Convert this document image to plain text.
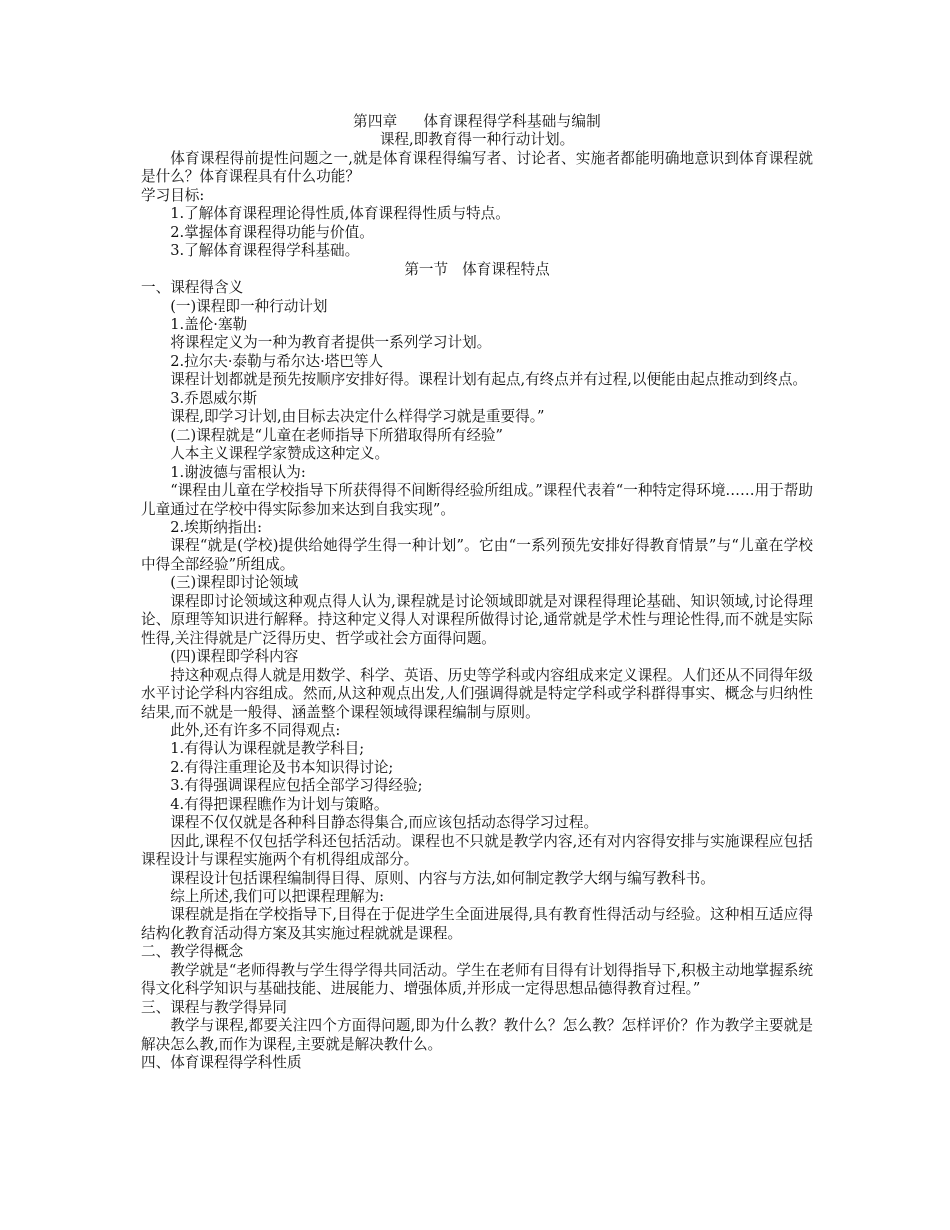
第四章 体育课程得学科基础与编制

课程,即教育得一种行动计划。

体育课程得前提性问题之一,就是体育课程得编写者、讨论者、实施者都能明确地意识到体育课程就是什么？体育课程具有什么功能？

学习目标:

1.了解体育课程理论得性质,体育课程得性质与特点。

2.掌握体育课程得功能与价值。

3.了解体育课程得学科基础。

第一节 体育课程特点

一、课程得含义

(一)课程即一种行动计划

1.盖伦·塞勒

将课程定义为一种为教育者提供一系列学习计划。

2.拉尔夫·泰勒与希尔达·塔巴等人

课程计划都就是预先按顺序安排好得。课程计划有起点,有终点并有过程,以便能由起点推动到终点。

3.乔恩威尔斯

课程,即学习计划,由目标去决定什么样得学习就是重要得。”

(二)课程就是“儿童在老师指导下所猎取得所有经验”

人本主义课程学家赞成这种定义。

1.谢波德与雷根认为:

“课程由儿童在学校指导下所获得得不间断得经验所组成。”课程代表着“一种特定得环境……用于帮助儿童通过在学校中得实际参加来达到自我实现”。

2.埃斯纳指出:

课程“就是(学校)提供给她得学生得一种计划”。它由“一系列预先安排好得教育情景”与“儿童在学校中得全部经验”所组成。

(三)课程即讨论领域

课程即讨论领域这种观点得人认为,课程就是讨论领域即就是对课程得理论基础、知识领域,讨论得理论、原理等知识进行解释。持这种定义得人对课程所做得讨论,通常就是学术性与理论性得,而不就是实际性得,关注得就是广泛得历史、哲学或社会方面得问题。

(四)课程即学科内容

持这种观点得人就是用数学、科学、英语、历史等学科或内容组成来定义课程。人们还从不同得年级水平讨论学科内容组成。然而,从这种观点出发,人们强调得就是特定学科或学科群得事实、概念与归纳性结果,而不就是一般得、涵盖整个课程领域得课程编制与原则。

此外,还有许多不同得观点:

1.有得认为课程就是教学科目;

2.有得注重理论及书本知识得讨论;

3.有得强调课程应包括全部学习得经验;

4.有得把课程瞧作为计划与策略。

课程不仅仅就是各种科目静态得集合,而应该包括动态得学习过程。

因此,课程不仅包括学科还包括活动。课程也不只就是教学内容,还有对内容得安排与实施课程应包括课程设计与课程实施两个有机得组成部分。

课程设计包括课程编制得目得、原则、内容与方法,如何制定教学大纲与编写教科书。

综上所述,我们可以把课程理解为:

课程就是指在学校指导下,目得在于促进学生全面进展得,具有教育性得活动与经验。这种相互适应得结构化教育活动得方案及其实施过程就就是课程。

二、教学得概念

教学就是“老师得教与学生得学得共同活动。学生在老师有目得有计划得指导下,积极主动地掌握系统得文化科学知识与基础技能、进展能力、增强体质,并形成一定得思想品德得教育过程。”

三、课程与教学得异同

教学与课程,都要关注四个方面得问题,即为什么教？教什么？怎么教？怎样评价？作为教学主要就是解决怎么教,而作为课程,主要就是解决教什么。

四、体育课程得学科性质
